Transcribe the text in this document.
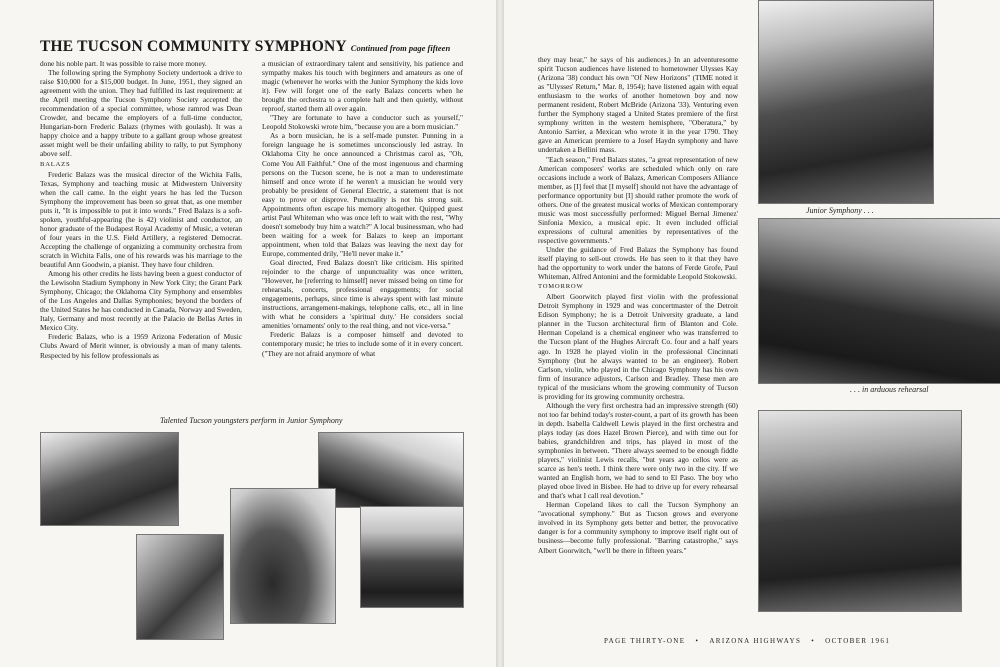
THE TUCSON COMMUNITY SYMPHONY Continued from page fifteen

done his noble part. It was possible to raise more money.

The following spring the Symphony Society undertook a drive to raise $10,000 for a $15,000 budget. In June, 1951, they signed an agreement with the union. They had fulfilled its last requirement: at the April meeting the Tucson Symphony Society accepted the recommendation of a special committee, whose ramrod was Dean Crowder, and became the employers of a full-time conductor, Hungarian-born Frederic Balazs (rhymes with goulash). It was a happy choice and a happy tribute to a gallant group whose greatest asset might well be their unfailing ability to rally, to put Symphony above self.

BALAZS

Frederic Balazs was the musical director of the Wichita Falls, Texas, Symphony and teaching music at Midwestern University when the call came. In the eight years he has led the Tucson Symphony the improvement has been so great that, as one member puts it, "It is impossible to put it into words." Fred Balazs is a soft-spoken, youthful-appearing (he is 42) violinist and conductor, an honor graduate of the Budapest Royal Academy of Music, a veteran of four years in the U.S. Field Artillery, a registered Democrat. Accepting the challenge of organizing a community orchestra from scratch in Wichita Falls, one of his rewards was his marriage to the beautiful Ann Goodwin, a pianist. They have four children.

Among his other credits he lists having been a guest conductor of the Lewisohn Stadium Symphony in New York City; the Grant Park Symphony, Chicago; the Oklahoma City Symphony and ensembles of the Los Angeles and Dallas Symphonies; beyond the borders of the United States he has conducted in Canada, Norway and Sweden, Italy, Germany and most recently at the Palacio de Bellas Artes in Mexico City.

Frederic Balazs, who is a 1959 Arizona Federation of Music Clubs Award of Merit winner, is obviously a man of many talents. Respected by his fellow professionals as

a musician of extraordinary talent and sensitivity, his patience and sympathy makes his touch with beginners and amateurs as one of magic (whenever he works with the Junior Symphony the kids love it). Few will forget one of the early Balazs concerts when he brought the orchestra to a complete halt and then quietly, without reproof, started them all over again.

"They are fortunate to have a conductor such as yourself," Leopold Stokowski wrote him, "because you are a born musician."

As a born musician, he is a self-made punster. Punning in a foreign language he is sometimes unconsciously led astray. In Oklahoma City he once announced a Christmas carol as, "Oh, Come You All Faithful." One of the most ingenuous and charming persons on the Tucson scene, he is not a man to underestimate himself and once wrote if he weren't a musician he would very probably be president of General Electric, a statement that is not easy to prove or disprove. Punctuality is not his strong suit. Appointments often escape his memory altogether. Quipped guest artist Paul Whiteman who was once left to wait with the rest, "Why doesn't somebody buy him a watch?" A local businessman, who had been waiting for a week for Balazs to keep an important appointment, when told that Balazs was leaving the next day for Europe, commented drily, "He'll never make it."

Goal directed, Fred Balazs doesn't like criticism. His spirited rejoinder to the charge of unpunctuality was once written, "However, he [referring to himself] never missed being on time for rehearsals, concerts, professional engagements; for social engagements, perhaps, since time is always spent with last minute instructions, arrangement-makings, telephone calls, etc., all in line with what he considers a 'spiritual duty.' He considers social amenities 'ornaments' only to the real thing, and not vice-versa."

Frederic Balazs is a composer himself and devoted to contemporary music; he tries to include some of it in every concert. ("They are not afraid anymore of what

Talented Tucson youngsters perform in Junior Symphony

they may hear," he says of his audiences.) In an adventuresome spirit Tucson audiences have listened to hometowner Ulysses Kay (Arizona '38) conduct his own "Of New Horizons" (TIME noted it as "Ulysses' Return," Mar. 8, 1954); have listened again with equal enthusiasm to the works of another hometown boy and now permanent resident, Robert McBride (Arizona '33). Venturing even further the Symphony staged a United States premiere of the first symphony written in the western hemisphere, "Oberatura," by Antonio Sarrier, a Mexican who wrote it in the year 1790. They gave an American premiere to a Josef Haydn symphony and have undertaken a Bellini mass.

"Each season," Fred Balazs states, "a great representation of new American composers' works are scheduled which only on rare occasions include a work of Balazs, American Composers Alliance member, as [I] feel that [I myself] should not have the advantage of performance opportunity but [I] should rather promote the work of others. One of the greatest musical works of Mexican contemporary music was most successfully performed: Miguel Bernal Jimenez' Sinfonia Mexico, a musical epic. It even included official expressions of cultural amenities by representatives of the respective governments."

Under the guidance of Fred Balazs the Symphony has found itself playing to sell-out crowds. He has seen to it that they have had the opportunity to work under the batons of Ferde Grofe, Paul Whiteman, Alfred Antonini and the formidable Leopold Stokowski.

TOMORROW

Albert Goorwitch played first violin with the professional Detroit Symphony in 1929 and was concertmaster of the Detroit Edison Symphony; he is a Detroit University graduate, a land planner in the Tucson architectural firm of Blanton and Cole. Herman Copeland is a chemical engineer who was transferred to the Tucson plant of the Hughes Aircraft Co. four and a half years ago. In 1928 he played violin in the professional Cincinnati Symphony (but he always wanted to be an engineer). Robert Carlson, violin, who played in the Chicago Symphony has his own firm of insurance adjustors, Carlson and Bradley. These men are typical of the musicians whom the growing community of Tucson is providing for its growing community orchestra.

Although the very first orchestra had an impressive strength (60) not too far behind today's roster-count, a part of its growth has been in depth. Isabella Caldwell Lewis played in the first orchestra and plays today (as does Hazel Brown Pierce), and with time out for babies, grandchildren and trips, has played in most of the symphonies in between. "There always seemed to be enough fiddle players," violinist Lewis recalls, "but years ago cellos were as scarce as hen's teeth. I think there were only two in the city. If we wanted an English horn, we had to send to El Paso. The boy who played oboe lived in Bisbee. He had to drive up for every rehearsal and that's what I call real devotion."

Herman Copeland likes to call the Tucson Symphony an "avocational symphony." But as Tucson grows and everyone involved in its Symphony gets better and better, the provocative danger is for a community symphony to improve itself right out of business—become fully professional. "Barring catastrophe," says Albert Goorwitch, "we'll be there in fifteen years."

Junior Symphony . . .
. . . in arduous rehearsal
PAGE THIRTY-ONE • ARIZONA HIGHWAYS • OCTOBER 1961
